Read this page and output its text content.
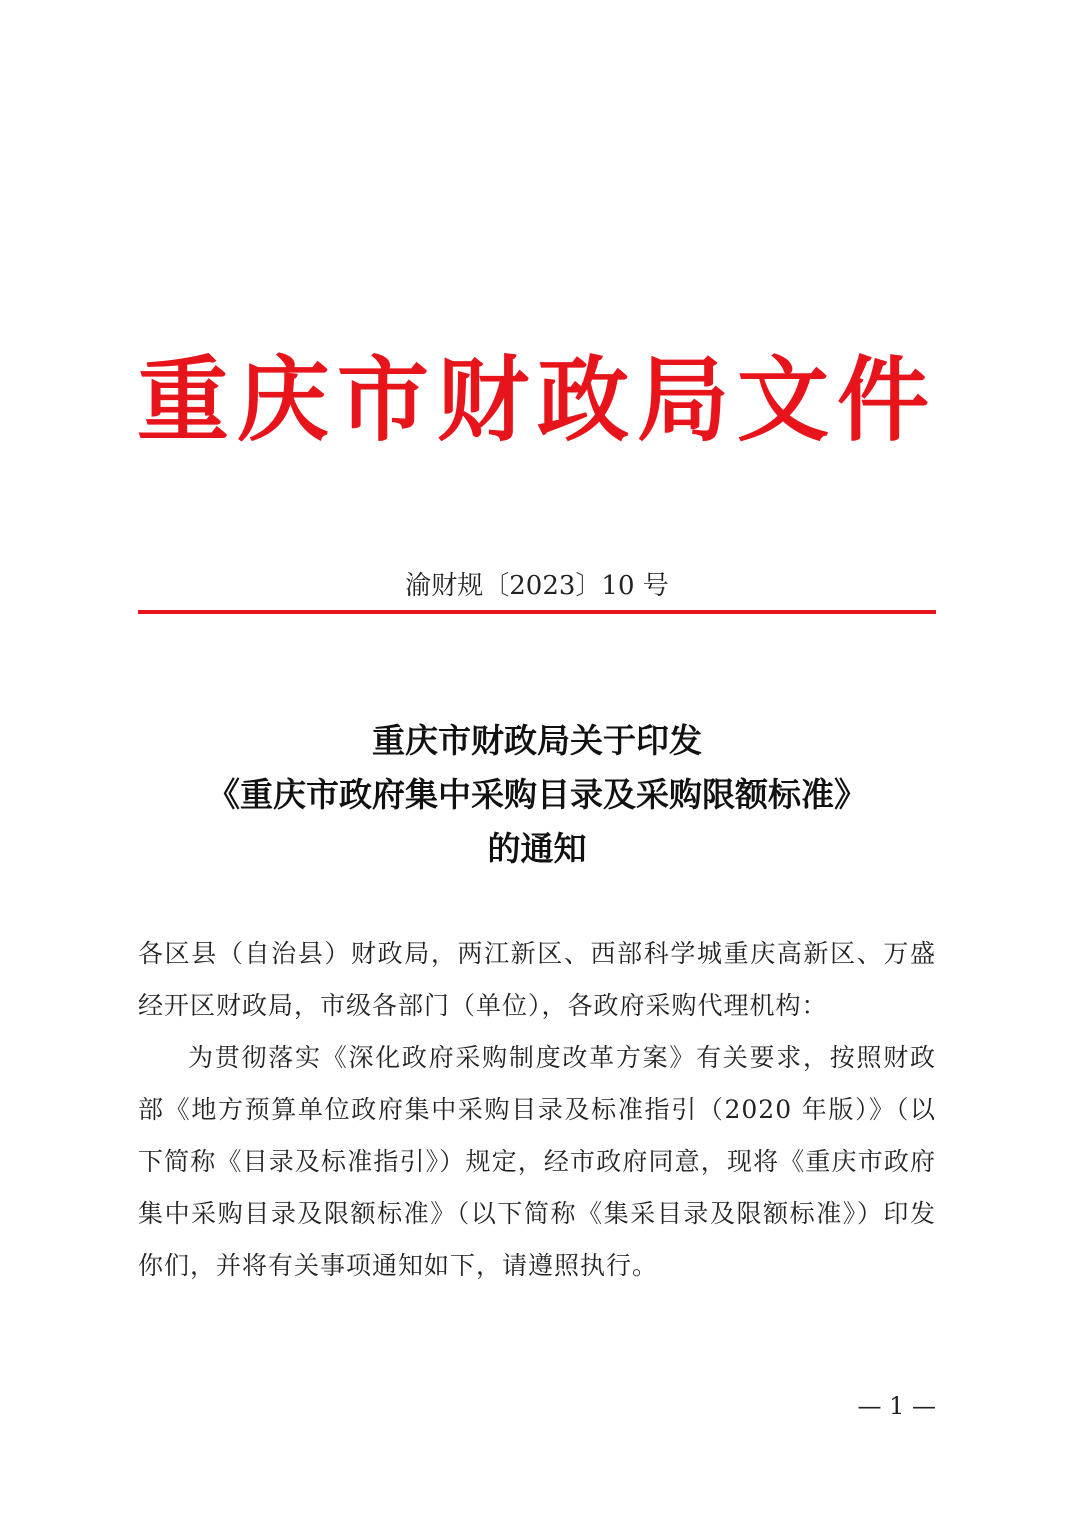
重庆市财政局文件
渝财规〔2023〕10 号
重庆市财政局关于印发
《重庆市政府集中采购目录及采购限额标准》
的通知

各区县（自治县）财政局，两江新区、西部科学城重庆高新区、万盛经开区财政局，市级各部门（单位），各政府采购代理机构：

为贯彻落实《深化政府采购制度改革方案》有关要求，按照财政部《地方预算单位政府集中采购目录及标准指引（2020 年版）》（以下简称《目录及标准指引》）规定，经市政府同意，现将《重庆市政府集中采购目录及限额标准》（以下简称《集采目录及限额标准》）印发你们，并将有关事项通知如下，请遵照执行。

— 1 —
